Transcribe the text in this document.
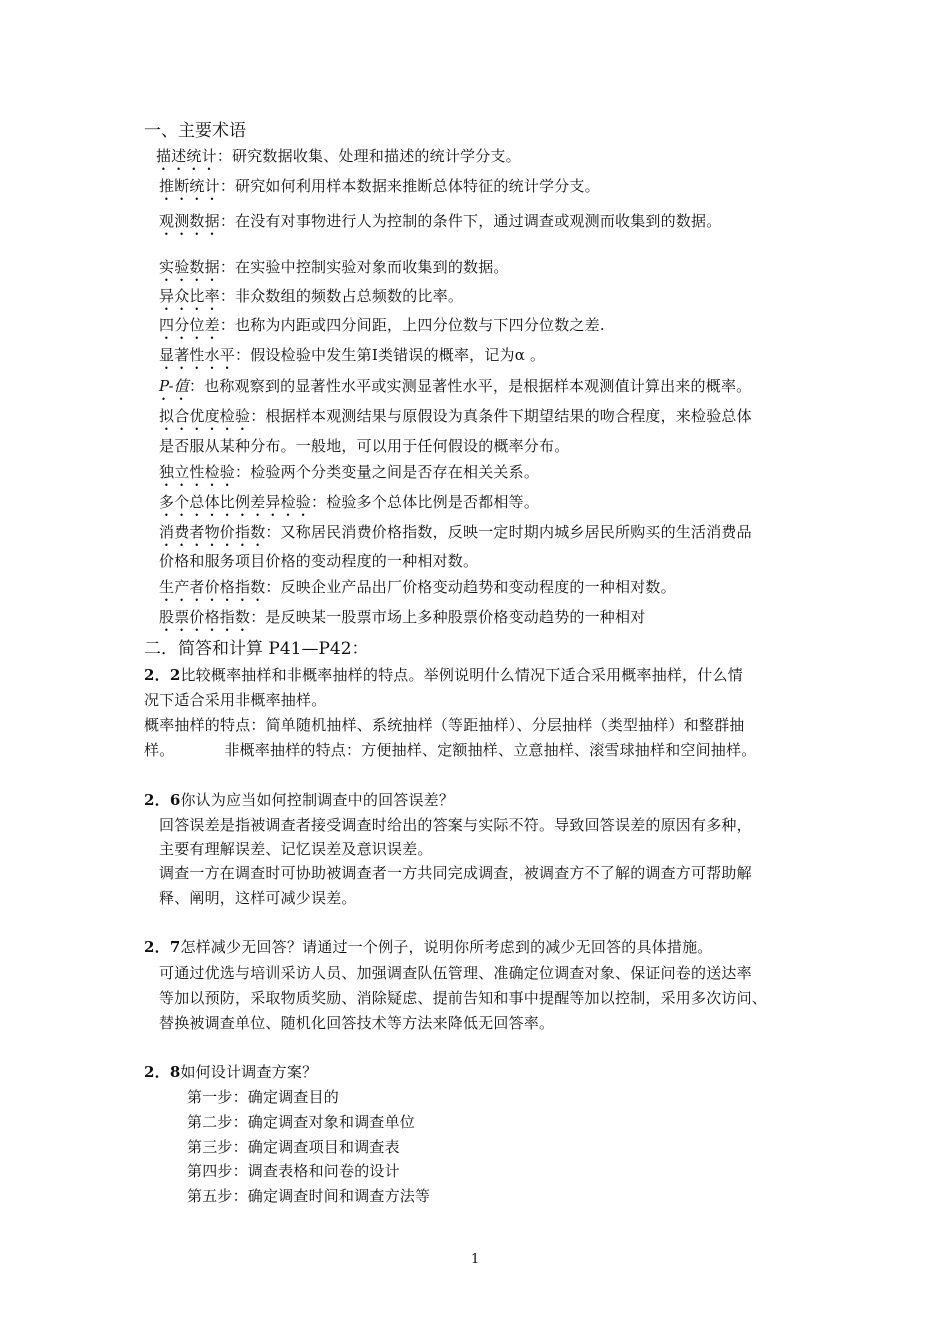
一、主要术语
描述统计：研究数据收集、处理和描述的统计学分支。
推断统计：研究如何利用样本数据来推断总体特征的统计学分支。
观测数据：在没有对事物进行人为控制的条件下，通过调查或观测而收集到的数据。
实验数据：在实验中控制实验对象而收集到的数据。
异众比率：非众数组的频数占总频数的比率。
四分位差：也称为内距或四分间距，上四分位数与下四分位数之差.
显著性水平：假设检验中发生第Ⅰ类错误的概率，记为α 。
P-值：也称观察到的显著性水平或实测显著性水平，是根据样本观测值计算出来的概率。
拟合优度检验：根据样本观测结果与原假设为真条件下期望结果的吻合程度，来检验总体
是否服从某种分布。一般地，可以用于任何假设的概率分布。
独立性检验：检验两个分类变量之间是否存在相关关系。
多个总体比例差异检验：检验多个总体比例是否都相等。
消费者物价指数：又称居民消费价格指数，反映一定时期内城乡居民所购买的生活消费品
价格和服务项目价格的变动程度的一种相对数。
生产者价格指数：反映企业产品出厂价格变动趋势和变动程度的一种相对数。
股票价格指数：是反映某一股票市场上多种股票价格变动趋势的一种相对
二．简答和计算 P41—P42：
2．2比较概率抽样和非概率抽样的特点。举例说明什么情况下适合采用概率抽样，什么情
况下适合采用非概率抽样。
概率抽样的特点：简单随机抽样、系统抽样（等距抽样）、分层抽样（类型抽样）和整群抽
样。	非概率抽样的特点：方便抽样、定额抽样、立意抽样、滚雪球抽样和空间抽样。
2．6你认为应当如何控制调查中的回答误差？
回答误差是指被调查者接受调查时给出的答案与实际不符。导致回答误差的原因有多种，
主要有理解误差、记忆误差及意识误差。
调查一方在调查时可协助被调查者一方共同完成调查，被调查方不了解的调查方可帮助解
释、阐明，这样可减少误差。
2．7怎样减少无回答？请通过一个例子，说明你所考虑到的减少无回答的具体措施。
可通过优选与培训采访人员、加强调查队伍管理、准确定位调查对象、保证问卷的送达率
等加以预防，采取物质奖励、消除疑虑、提前告知和事中提醒等加以控制，采用多次访问、
替换被调查单位、随机化回答技术等方法来降低无回答率。
2．8如何设计调查方案？
第一步：确定调查目的
第二步：确定调查对象和调查单位
第三步：确定调查项目和调查表
第四步：调查表格和问卷的设计
第五步：确定调查时间和调查方法等
1
